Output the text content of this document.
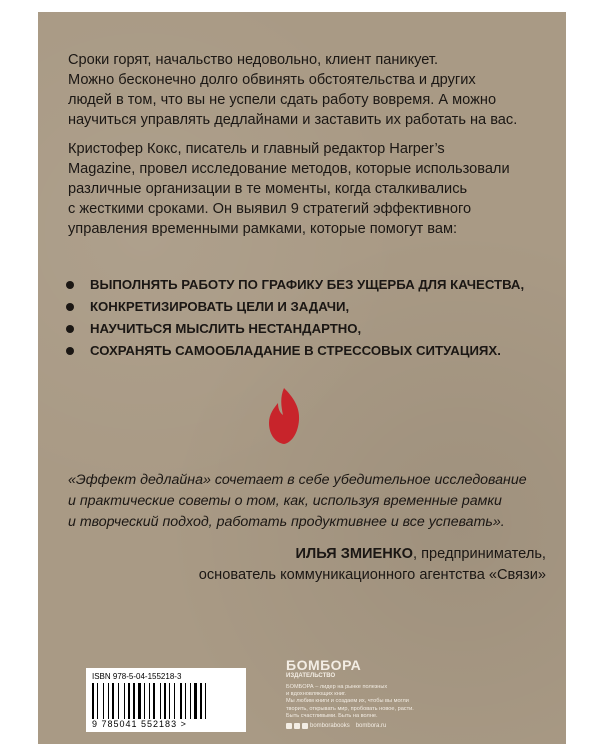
Сроки горят, начальство недовольно, клиент паникует.
Можно бесконечно долго обвинять обстоятельства и других
людей в том, что вы не успели сдать работу вовремя. А можно
научиться управлять дедлайнами и заставить их работать на вас.

Кристофер Кокс, писатель и главный редактор Harper’s
Magazine, провел исследование методов, которые использовали
различные организации в те моменты, когда сталкивались
с жесткими сроками. Он выявил 9 стратегий эффективного
управления временными рамками, которые помогут вам:

ВЫПОЛНЯТЬ РАБОТУ ПО ГРАФИКУ БЕЗ УЩЕРБА ДЛЯ КАЧЕСТВА,
КОНКРЕТИЗИРОВАТЬ ЦЕЛИ И ЗАДАЧИ,
НАУЧИТЬСЯ МЫСЛИТЬ НЕСТАНДАРТНО,
СОХРАНЯТЬ САМООБЛАДАНИЕ В СТРЕССОВЫХ СИТУАЦИЯХ.

«Эффект дедлайна» сочетает в себе убедительное исследование
и практические советы о том, как, используя временные рамки
и творческий подход, работать продуктивнее и все успевать».

ИЛЬЯ ЗМИЕНКО, предприниматель,
основатель коммуникационного агентства «Связи»
ISBN 978-5-04-155218-3
9 785041 552183 >
БОМБОРА
ИЗДАТЕЛЬСТВО
БОМБОРА – лидер на рынке полезных
и вдохновляющих книг.
Мы любим книги и создаем их, чтобы вы могли
творить, открывать мир, пробовать новое, расти.
Быть счастливыми. Быть на волне.
bomborabooks bombora.ru
